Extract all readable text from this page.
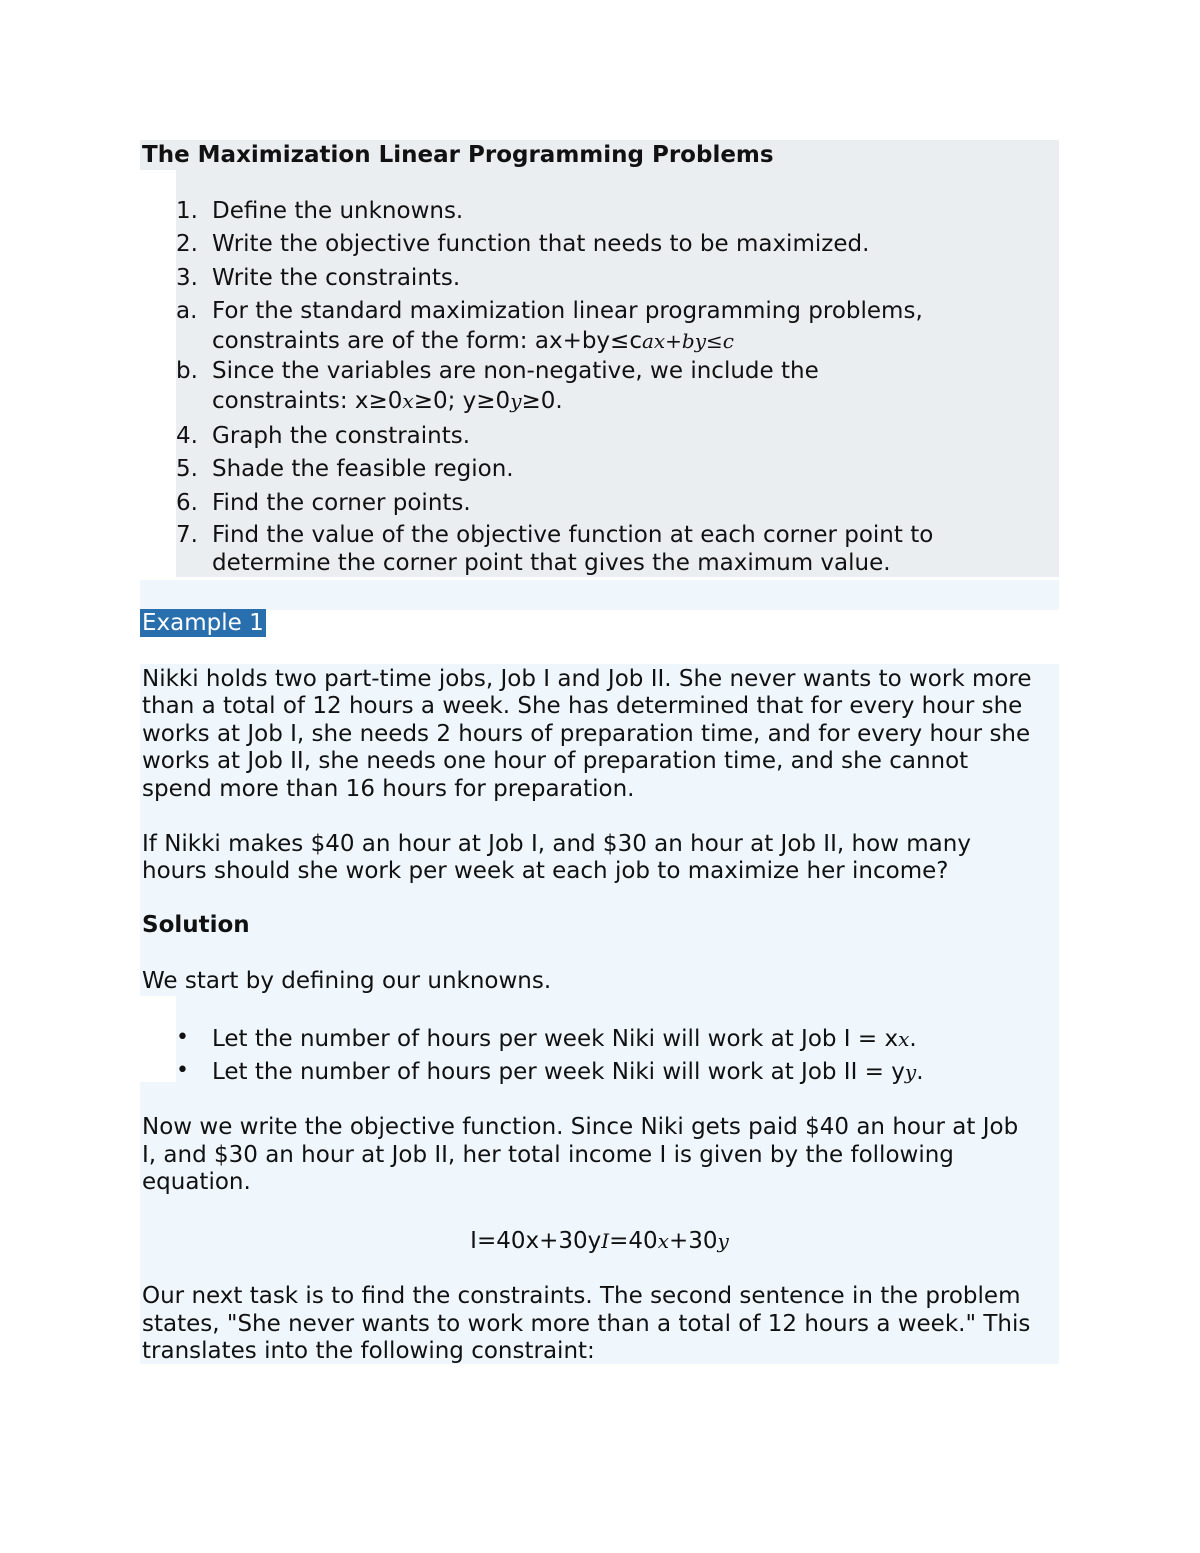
The Maximization Linear Programming Problems
1. Define the unknowns.
2. Write the objective function that needs to be maximized.
3. Write the constraints.
a. For the standard maximization linear programming problems,
constraints are of the form: ax+by≤cax+by≤c
b. Since the variables are non-negative, we include the
constraints: x≥0x≥0; y≥0y≥0.
4. Graph the constraints.
5. Shade the feasible region.
6. Find the corner points.
7. Find the value of the objective function at each corner point to
determine the corner point that gives the maximum value.
Example 1
Nikki holds two part-time jobs, Job I and Job II. She never wants to work more
than a total of 12 hours a week. She has determined that for every hour she
works at Job I, she needs 2 hours of preparation time, and for every hour she
works at Job II, she needs one hour of preparation time, and she cannot
spend more than 16 hours for preparation.
If Nikki makes $40 an hour at Job I, and $30 an hour at Job II, how many
hours should she work per week at each job to maximize her income?
Solution
We start by defining our unknowns.
• Let the number of hours per week Niki will work at Job I = xx.
• Let the number of hours per week Niki will work at Job II = yy.
Now we write the objective function. Since Niki gets paid $40 an hour at Job
I, and $30 an hour at Job II, her total income I is given by the following
equation.
I=40x+30yI=40x+30y
Our next task is to find the constraints. The second sentence in the problem
states, "She never wants to work more than a total of 12 hours a week." This
translates into the following constraint:
